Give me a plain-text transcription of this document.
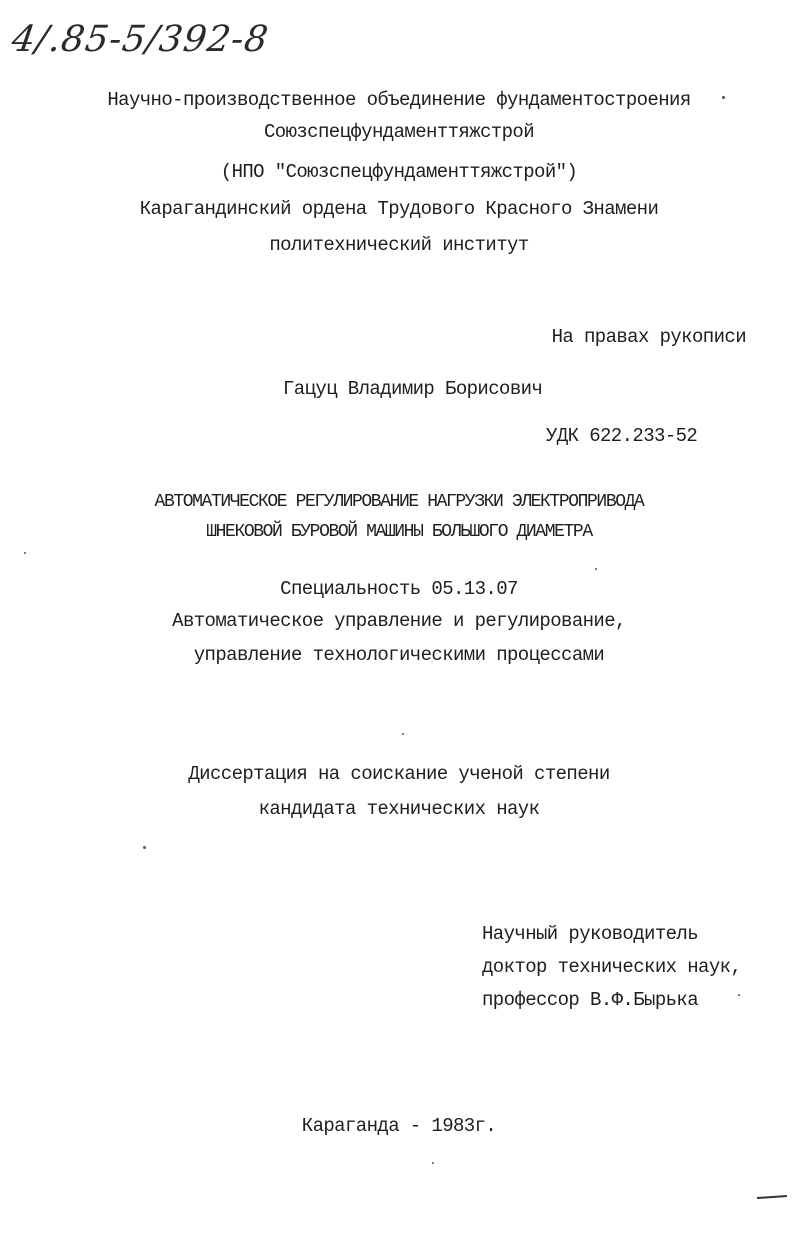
4/.85-5/392-8
Научно-производственное объединение фундаментостроения
Союзспецфундаменттяжстрой
(НПО "Союзспецфундаменттяжстрой")
Карагандинский ордена Трудового Красного Знамени
политехнический институт
На правах рукописи
Гацуц Владимир Борисович
УДК 622.233-52
АВТОМАТИЧЕСКОЕ РЕГУЛИРОВАНИЕ НАГРУЗКИ ЭЛЕКТРОПРИВОДА
ШНЕКОВОЙ БУРОВОЙ МАШИНЫ БОЛЬШОГО ДИАМЕТРА
Специальность 05.13.07
Автоматическое управление и регулирование,
управление технологическими процессами
Диссертация на соискание ученой степени
кандидата технических наук
Научный руководитель
доктор технических наук,
профессор В.Ф.Бырька
Караганда - 1983г.
